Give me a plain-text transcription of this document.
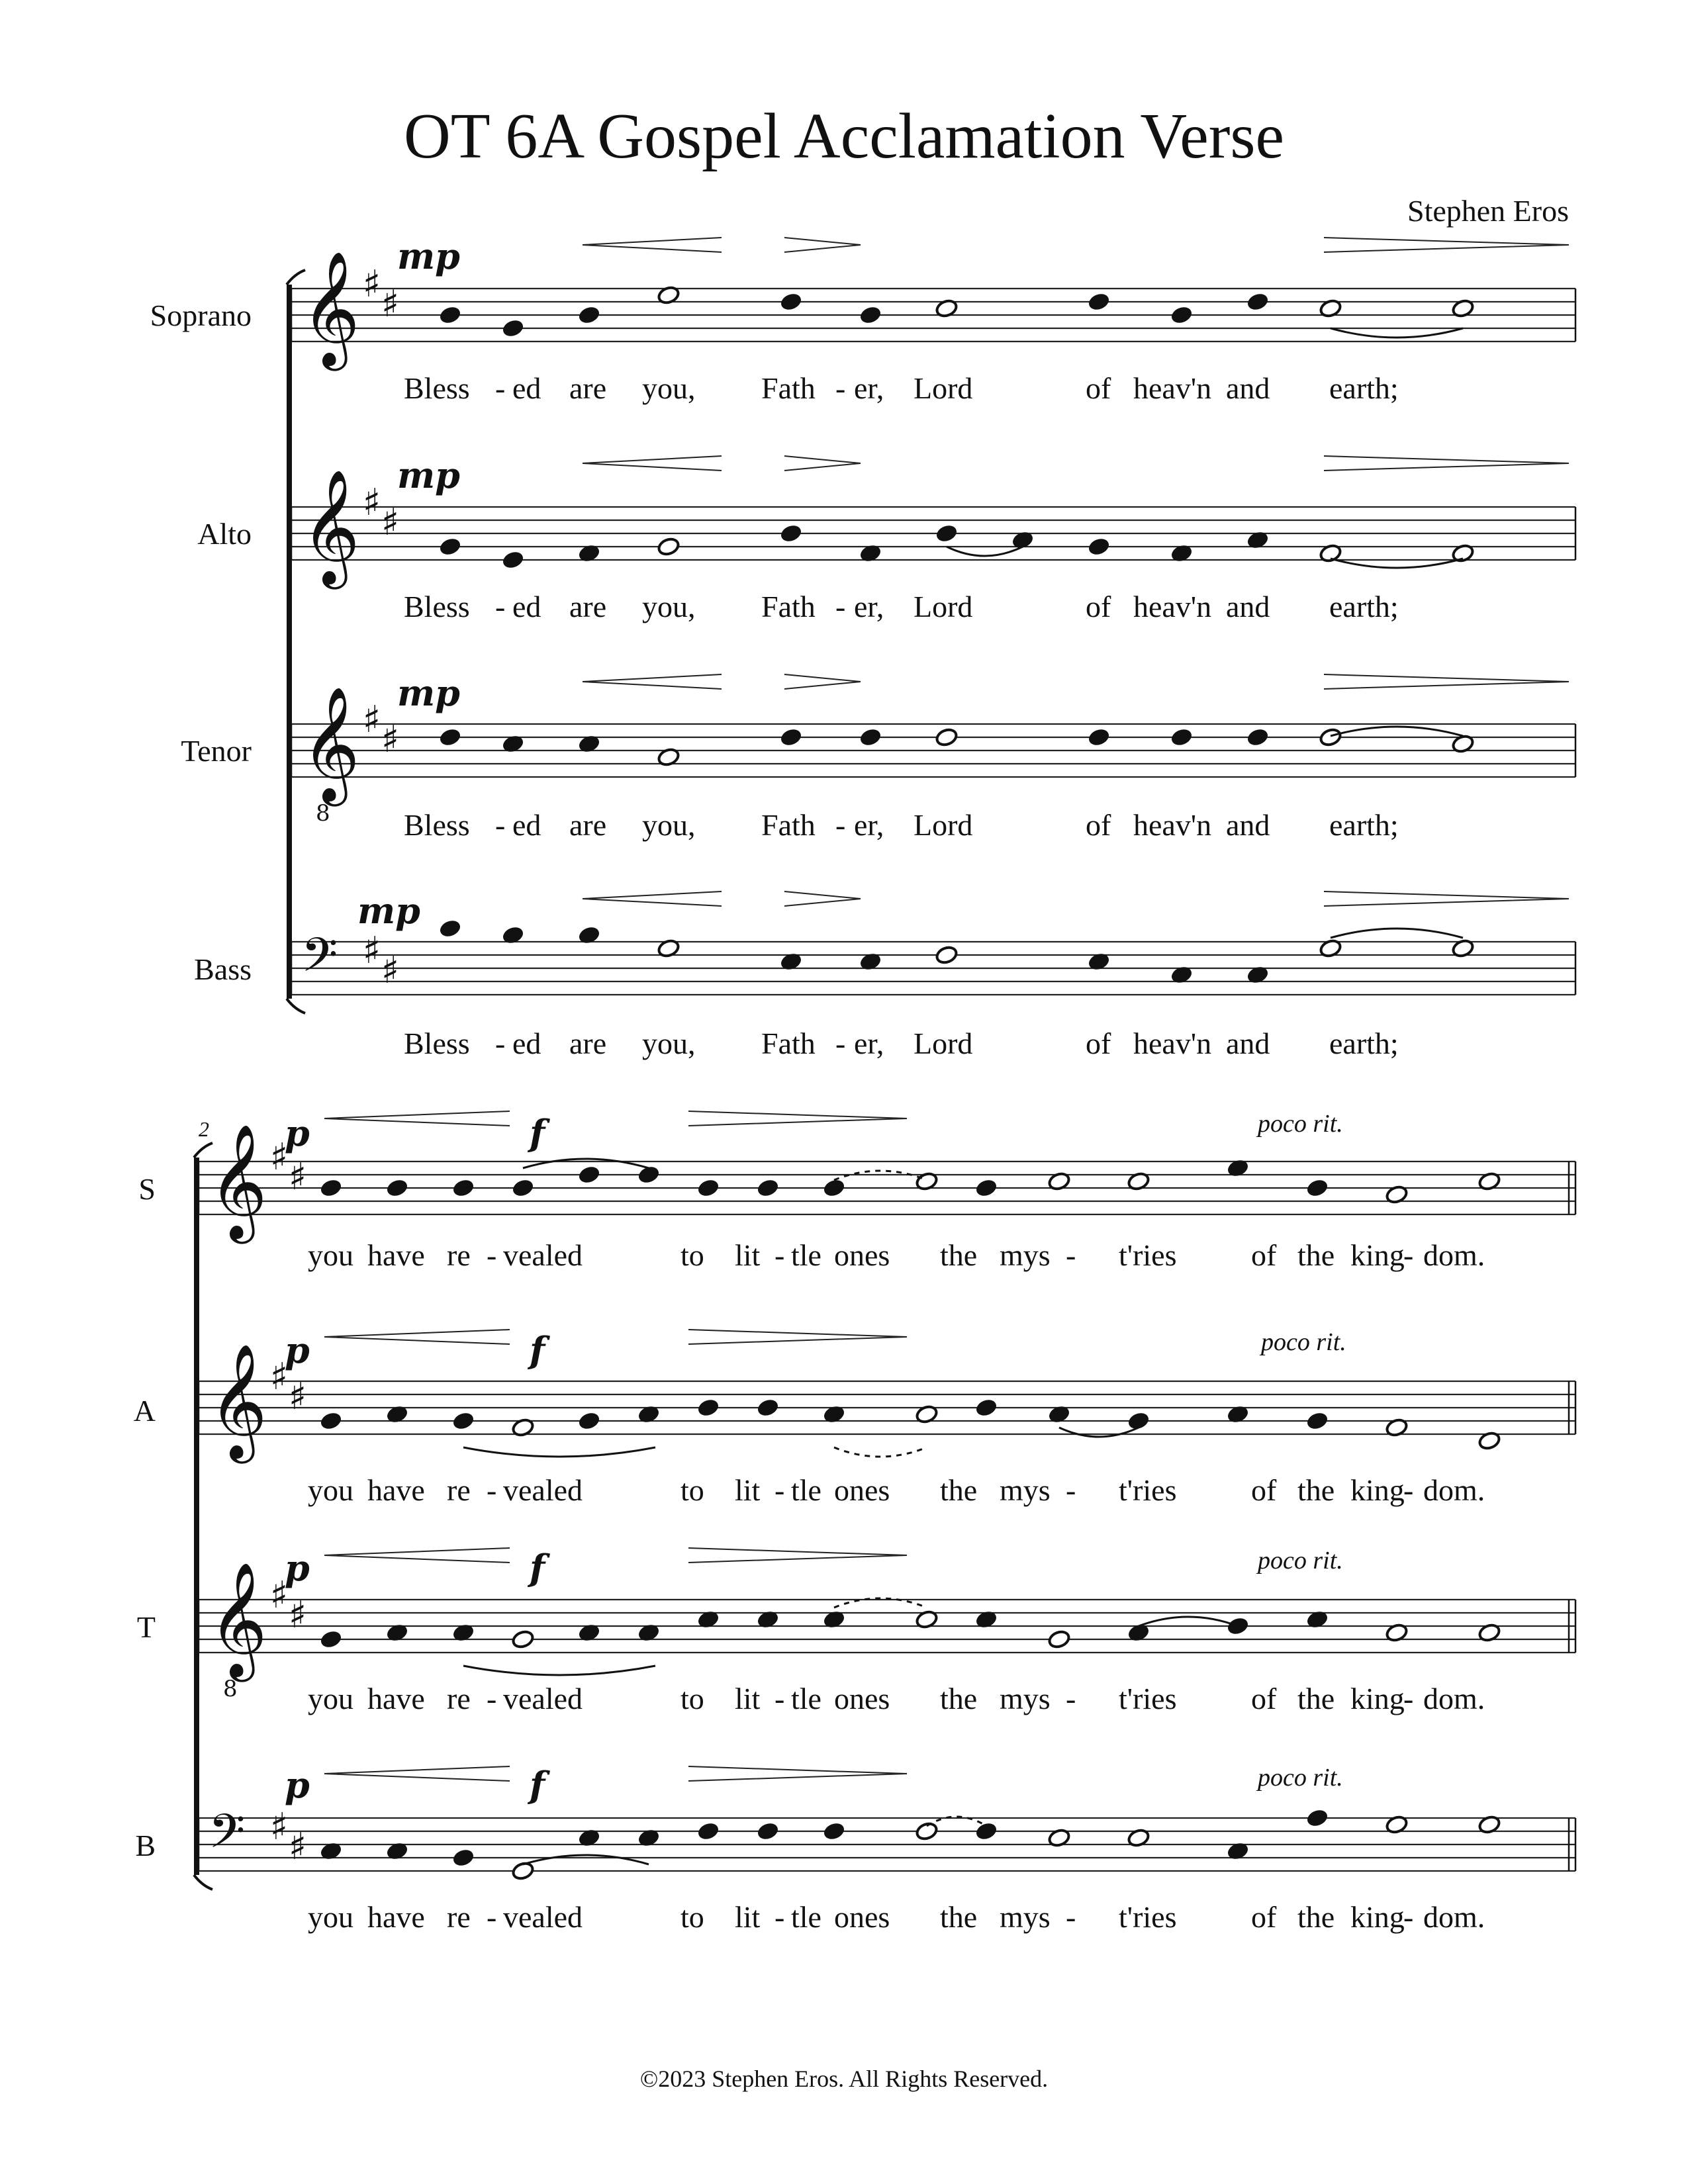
OT 6A Gospel Acclamation Verse

Stephen Eros

Soprano
Alto
Tenor
Bass
mp
mp
mp
mp
Bless - ed are you, Fath - er, Lord	of heav'n and earth;
Bless - ed are you, Fath - er, Lord	of heav'n and earth;
Bless - ed are you, Fath - er, Lord	of heav'n and earth;
Bless - ed are you, Fath - er, Lord	of heav'n and earth;
2
S
A
T
B
p	f
p	f
p	f
p	f
poco rit.
poco rit.
poco rit.
poco rit.
you have re - vealed	to lit - tle ones the mys - t'ries of the king
- dom.
you have re - vealed	to lit - tle ones the mys - t'ries of the king
- dom.
you have re - vealed	to lit - tle ones the mys - t'ries of the king
- dom.
you have re - vealed	to lit - tle ones the mys - t'ries of the king
- dom.
©2023 Stephen Eros. All Rights Reserved.
𝄞 ♯ ♯
𝄞 ♯ ♯
𝄞
8
♯ ♯
𝄢 ♯ ♯
𝄞 ♯ ♯
𝄞 ♯ ♯
𝄞
8
♯ ♯
𝄢 ♯ ♯
